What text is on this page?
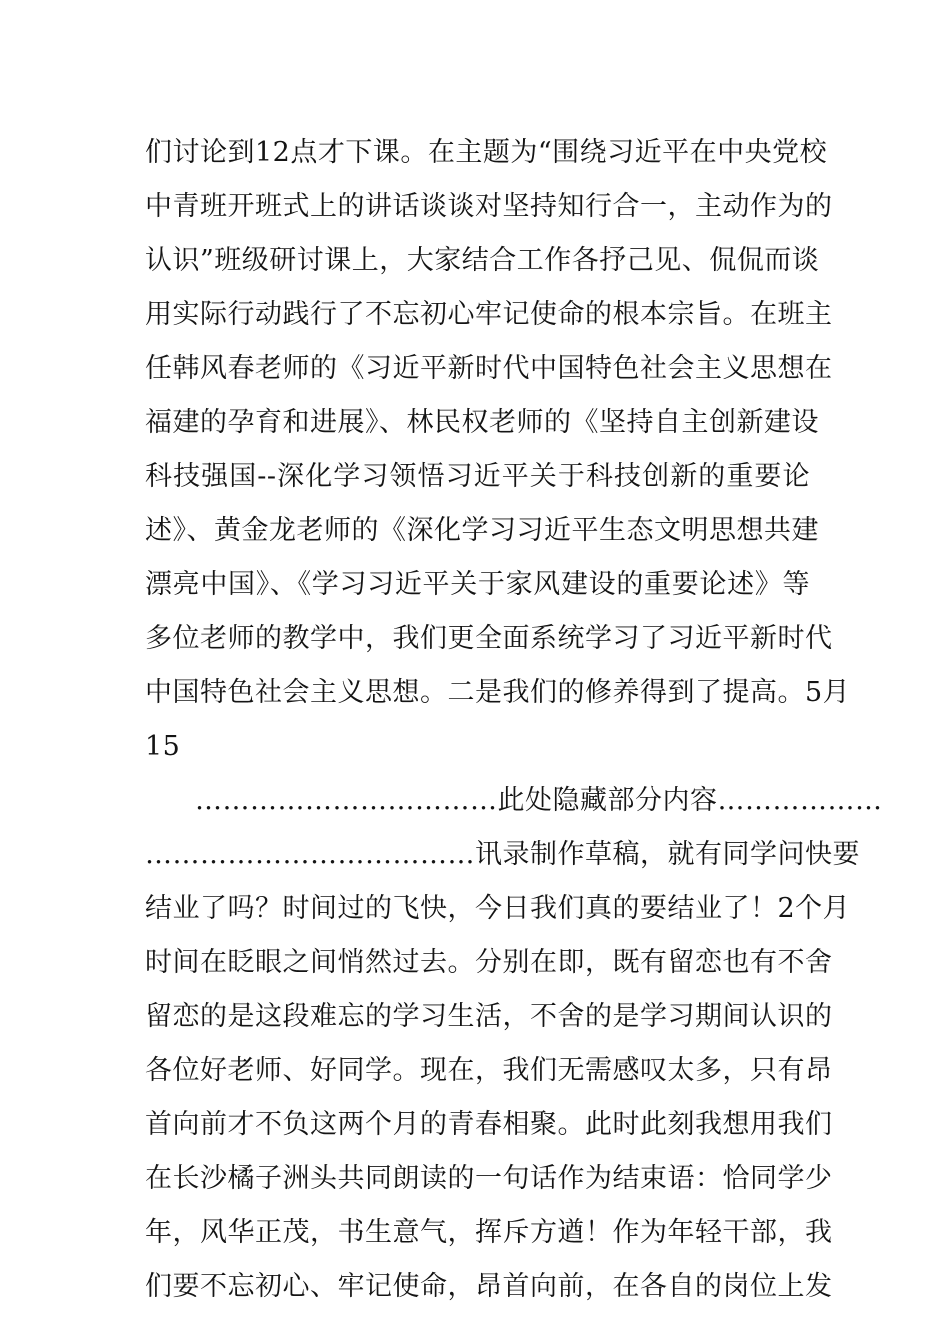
们讨论到12点才下课。在主题为“围绕习近平在中央党校
中青班开班式上的讲话谈谈对坚持知行合一，主动作为的
认识”班级研讨课上，大家结合工作各抒己见、侃侃而谈
用实际行动践行了不忘初心牢记使命的根本宗旨。在班主
任韩风春老师的《习近平新时代中国特色社会主义思想在
福建的孕育和进展》、林民权老师的《坚持自主创新建设
科技强国--深化学习领悟习近平关于科技创新的重要论
述》、黄金龙老师的《深化学习习近平生态文明思想共建
漂亮中国》、《学习习近平关于家风建设的重要论述》等
多位老师的教学中，我们更全面系统学习了习近平新时代
中国特色社会主义思想。二是我们的修养得到了提高。5月
15
……………………………此处隐藏部分内容………………
………………………………讯录制作草稿，就有同学问快要
结业了吗？时间过的飞快，今日我们真的要结业了！2个月
时间在眨眼之间悄然过去。分别在即，既有留恋也有不舍
留恋的是这段难忘的学习生活，不舍的是学习期间认识的
各位好老师、好同学。现在，我们无需感叹太多，只有昂
首向前才不负这两个月的青春相聚。此时此刻我想用我们
在长沙橘子洲头共同朗读的一句话作为结束语：恰同学少
年，风华正茂，书生意气，挥斥方遒！作为年轻干部，我
们要不忘初心、牢记使命，昂首向前，在各自的岗位上发
